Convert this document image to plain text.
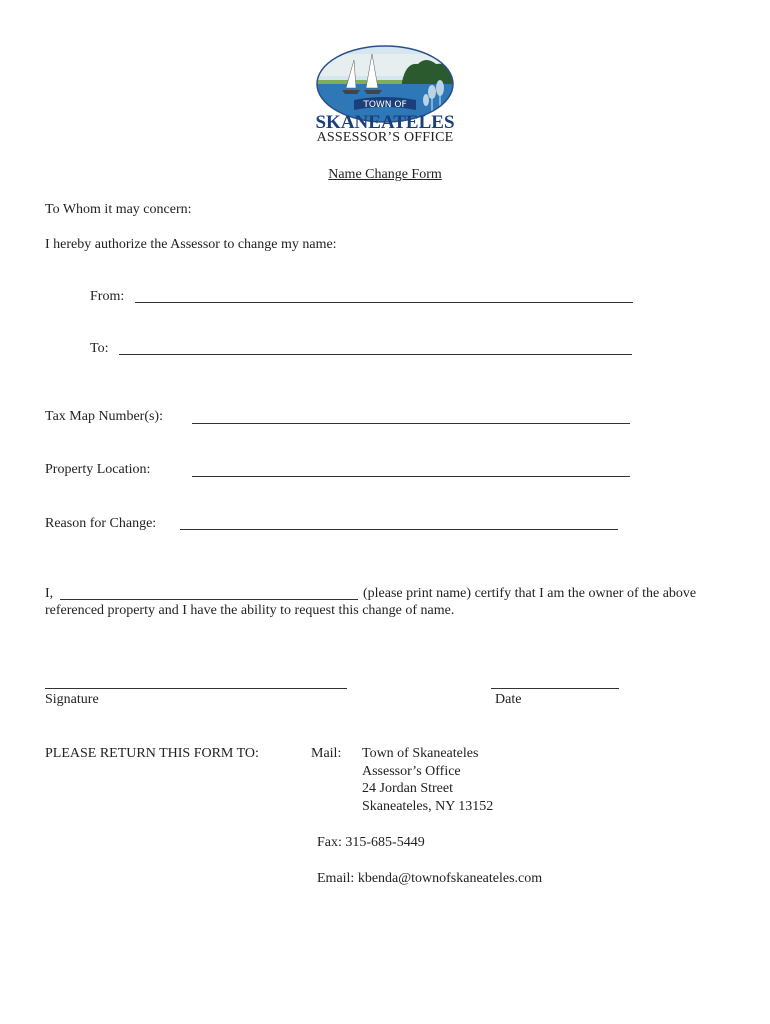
TOWN OF
SKANEATELES
ASSESSOR’S OFFICE
Name Change Form
To Whom it may concern:
I hereby authorize the Assessor to change my name:
From:
To:
Tax Map Number(s):
Property Location:
Reason for Change:
I,	(please print name) certify that I am the owner of the above
referenced property and I have the ability to request this change of name.
Signature	Date
PLEASE RETURN THIS FORM TO:	Mail: Town of Skaneateles
Assessor’s Office
24 Jordan Street
Skaneateles, NY 13152
Fax: 315-685-5449
Email: kbenda@townofskaneateles.com
